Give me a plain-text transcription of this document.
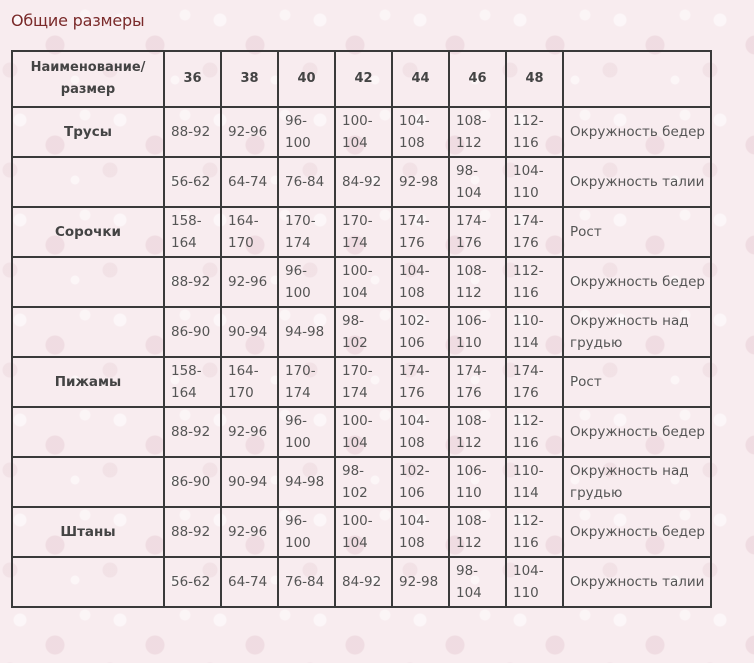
Общие размеры
Наименование/ размер	36	38	40	42	44	46	48	
Трусы	88-92	92-96	96-100	100-104	104-108	108-112	112-116	Окружность бедер
	56-62	64-74	76-84	84-92	92-98	98-104	104-110	Окружность талии
Сорочки	158-164	164-170	170-174	170-174	174-176	174-176	174-176	Рост
	88-92	92-96	96-100	100-104	104-108	108-112	112-116	Окружность бедер
	86-90	90-94	94-98	98-102	102-106	106-110	110-114	Окружность над грудью
Пижамы	158-164	164-170	170-174	170-174	174-176	174-176	174-176	Рост
	88-92	92-96	96-100	100-104	104-108	108-112	112-116	Окружность бедер
	86-90	90-94	94-98	98-102	102-106	106-110	110-114	Окружность над грудью
Штаны	88-92	92-96	96-100	100-104	104-108	108-112	112-116	Окружность бедер
	56-62	64-74	76-84	84-92	92-98	98-104	104-110	Окружность талии
